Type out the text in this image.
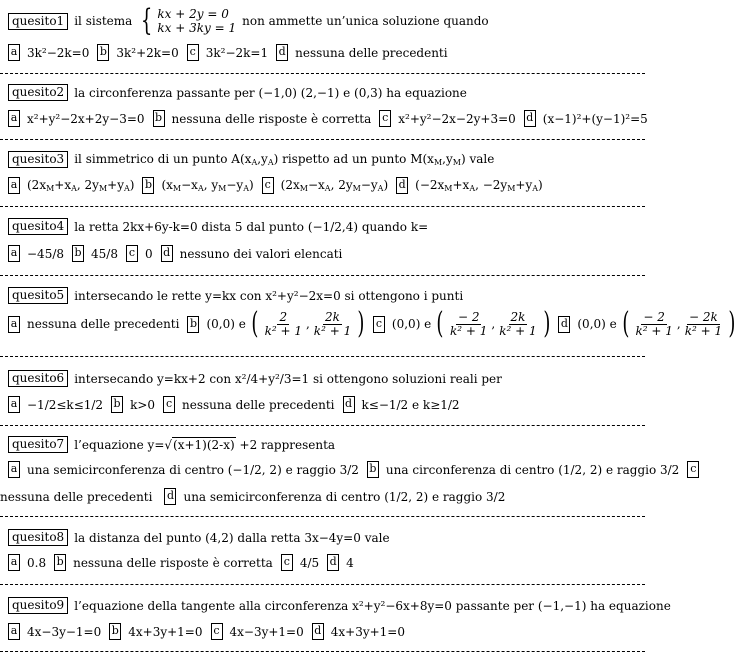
quesito1 il sistema { kx + 2y = 0
kx + 3ky = 1 non ammette un’unica soluzione quando
a 3k²−2k=0 b 3k²+2k=0 c 3k²−2k=1 d nessuna delle precedenti
quesito2 la circonferenza passante per (−1,0) (2,−1) e (0,3) ha equazione
a x²+y²−2x+2y−3=0 b nessuna delle risposte è corretta c x²+y²−2x−2y+3=0 d (x−1)²+(y−1)²=5
quesito3 il simmetrico di un punto $A(x_A,y_A)$ rispetto ad un punto $M(x_M,y_M)$ vale
a ($2x_M+x_A$, $2y_M+y_A$) b ($x_M-x_A$, $y_M-y_A$) c ($2x_M-x_A$, $2y_M-y_A$) d ($-2x_M+x_A$, $-2y_M+y_A$)
quesito4 la retta 2kx+6y-k=0 dista 5 dal punto (−1/2,4) quando k=
a −45/8 b 45/8 c 0 d nessuno dei valori elencati
quesito5 intersecando le rette y=kx con x²+y²−2x=0 si ottengono i punti
a nessuna delle precedenti b (0,0) e ( $\frac{2}{\text{k² + 1}}$ , $\frac{2k}{\text{k² + 1}}$ ) c (0,0) e ( $\frac{- 2}{\text{k² + 1}}$ , $\frac{2k}{\text{k² + 1}}$ ) d (0,0) e ( $\frac{- 2}{\text{k² + 1}}$ , $\frac{- 2k}{\text{k² + 1}}$ )
quesito6 intersecando y=kx+2 con x²/4+y²/3=1 si ottengono soluzioni reali per
a −1/2≤k≤1/2 b k>0 c nessuna delle precedenti d k≤−1/2 e k≥1/2
quesito7 l’equazione y=√(x+1)(2-x) +2 rappresenta
a una semicirconferenza di centro (−1/2, 2) e raggio 3/2 b una circonferenza di centro (1/2, 2) e raggio 3/2 c
nessuna delle precedenti d una semicirconferenza di centro (1/2, 2) e raggio 3/2
quesito8 la distanza del punto (4,2) dalla retta 3x−4y=0 vale
a 0.8 b nessuna delle risposte è corretta c 4/5 d 4
quesito9 l’equazione della tangente alla circonferenza x²+y²−6x+8y=0 passante per (−1,−1) ha equazione
a 4x−3y−1=0 b 4x+3y+1=0 c 4x−3y+1=0 d 4x+3y+1=0
